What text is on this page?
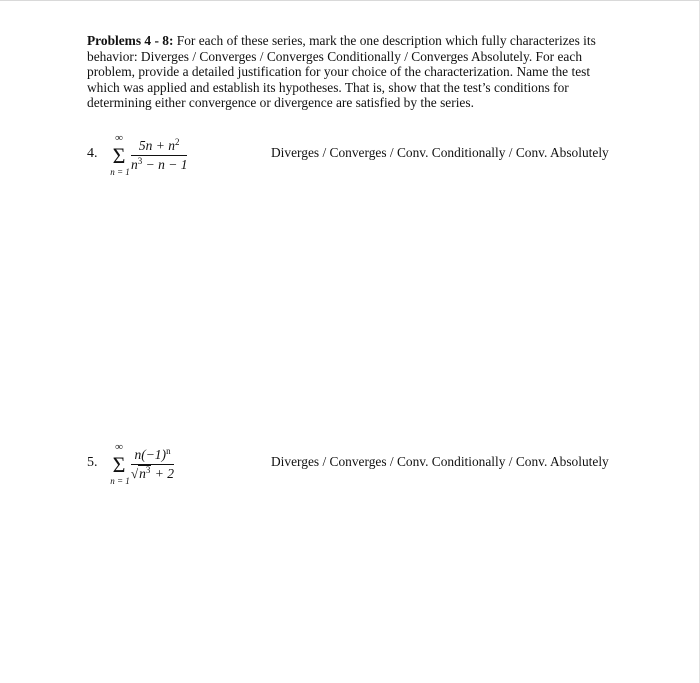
Problems 4 - 8: For each of these series, mark the one description which fully characterizes its behavior: Diverges / Converges / Converges Conditionally / Converges Absolutely. For each problem, provide a detailed justification for your choice of the characterization. Name the test which was applied and establish its hypotheses. That is, show that the test’s conditions for determining either convergence or divergence are satisfied by the series.

4.
∞
Σ
n = 1
$5n + n^2$
$n^3 - n - 1$
Diverges / Converges / Conv. Conditionally / Conv. Absolutely
5.
∞
Σ
n = 1
$n(-1)^n$
$√n^3 + 2$
Diverges / Converges / Conv. Conditionally / Conv. Absolutely
